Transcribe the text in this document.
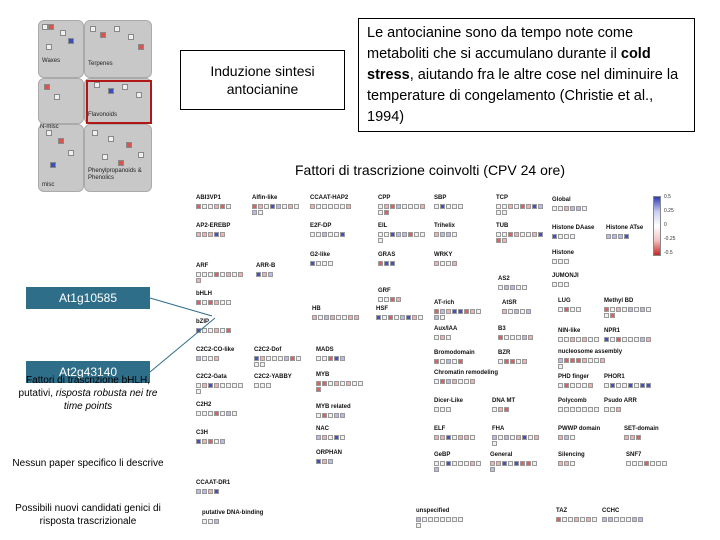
Waxes	Terpenes
N-misc
Flavonoids
Phenylpropanoids & Phenolics
misc
Induzione sintesi antocianine
Le antocianine sono da tempo note come metaboliti che si accumulano durante il cold stress, aiutando fra le altre cose nel diminuire la temperature di congelamento (Christie et al., 1994)
Fattori di trascrizione coinvolti (CPV 24 ore)
ABI3VP1	Alfin-like	CCAAT-HAP2	CPP	SBP	TCP	Global
AP2-EREBP	E2F-DP	EIL	Trihelix	TUB	Histone DAase Histone ATse
G2-like	GRAS	WRKY	Histone
ARF	ARR-B
AS2	JUMONJI
GRF
bHLH
HB	HSF
AT-rich	AtSR	LUG	Methyl BD
bZIP
Aux/IAA	B3	NIN-like	NPR1
C2C2-CO-like	C2C2-Dof	MADS	Bromodomain	BZR	nucleosome assembly
C2C2-Gata	C2C2-YABBY	MYB	Chromatin remodeling
PHD finger PHOR1
C2H2	MYB related
Dicer-Like	DNA MT	Polycomb	Psudo ARR
C3H
NAC	ELF	FHA	PWWP domain	SET-domain
ORPHAN	GeBP	General	Silencing	SNF7
CCAAT-DR1
putative DNA-binding	unspecified	TAZ	CCHC
0.5
0.25
0
-0.25
-0.5
At1g10585
At2g43140
Fattori di trascrizione bHLH, putativi, risposta robusta nei tre time points
Nessun paper specifico li descrive
Possibili nuovi candidati genici di risposta trascrizionale
